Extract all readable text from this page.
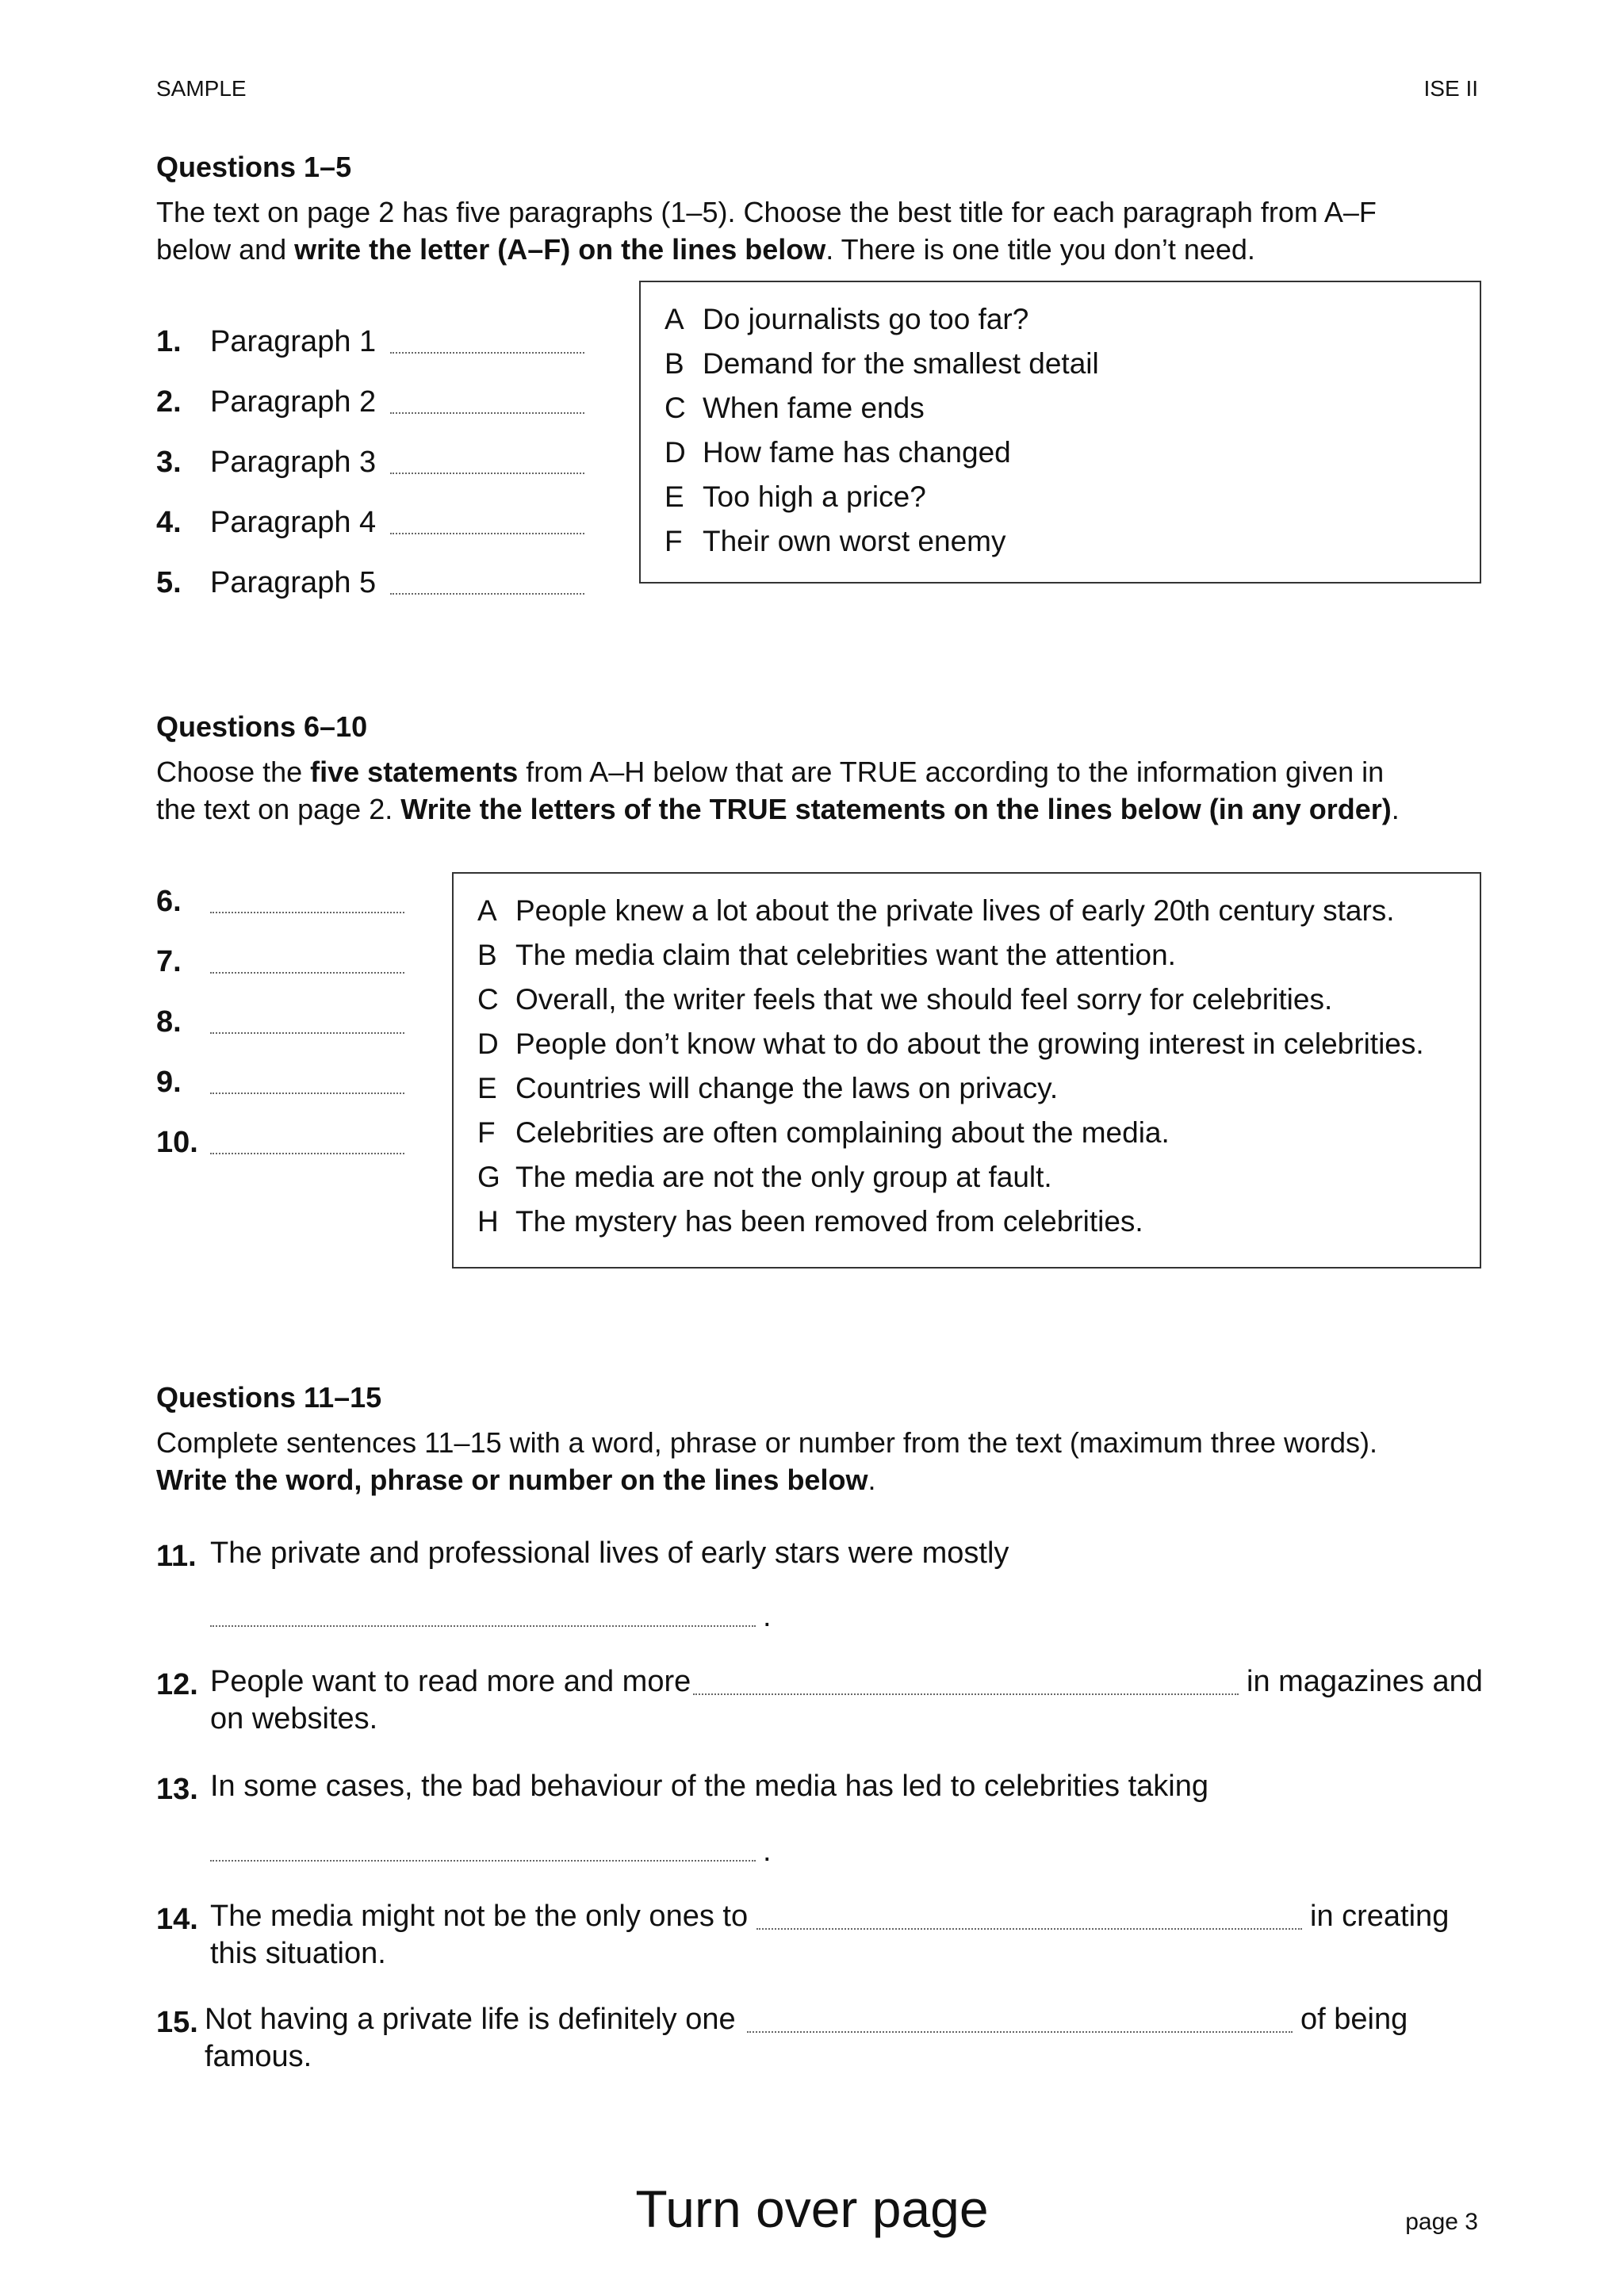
SAMPLE	ISE II
Questions 1–5
The text on page 2 has five paragraphs (1–5). Choose the best title for each paragraph from A–F
below and write the letter (A–F) on the lines below. There is one title you don’t need.
1. Paragraph 1
2. Paragraph 2
3. Paragraph 3
4. Paragraph 4
5. Paragraph 5
A Do journalists go too far?
B Demand for the smallest detail
C When fame ends
D How fame has changed
E Too high a price?
F Their own worst enemy
Questions 6–10
Choose the five statements from A–H below that are TRUE according to the information given in
the text on page 2. Write the letters of the TRUE statements on the lines below (in any order).
6.
7.
8.
9.
10.
A People knew a lot about the private lives of early 20th century stars.
B The media claim that celebrities want the attention.
C Overall, the writer feels that we should feel sorry for celebrities.
D People don’t know what to do about the growing interest in celebrities.
E Countries will change the laws on privacy.
F Celebrities are often complaining about the media.
G The media are not the only group at fault.
H The mystery has been removed from celebrities.
Questions 11–15
Complete sentences 11–15 with a word, phrase or number from the text (maximum three words).
Write the word, phrase or number on the lines below.
11. The private and professional lives of early stars were mostly
.
12. People want to read more and more	in magazines and
on websites.
13. In some cases, the bad behaviour of the media has led to celebrities taking
.
14. The media might not be the only ones to	in creating
this situation.
15. Not having a private life is definitely one	of being
famous.
Turn over page	page 3
